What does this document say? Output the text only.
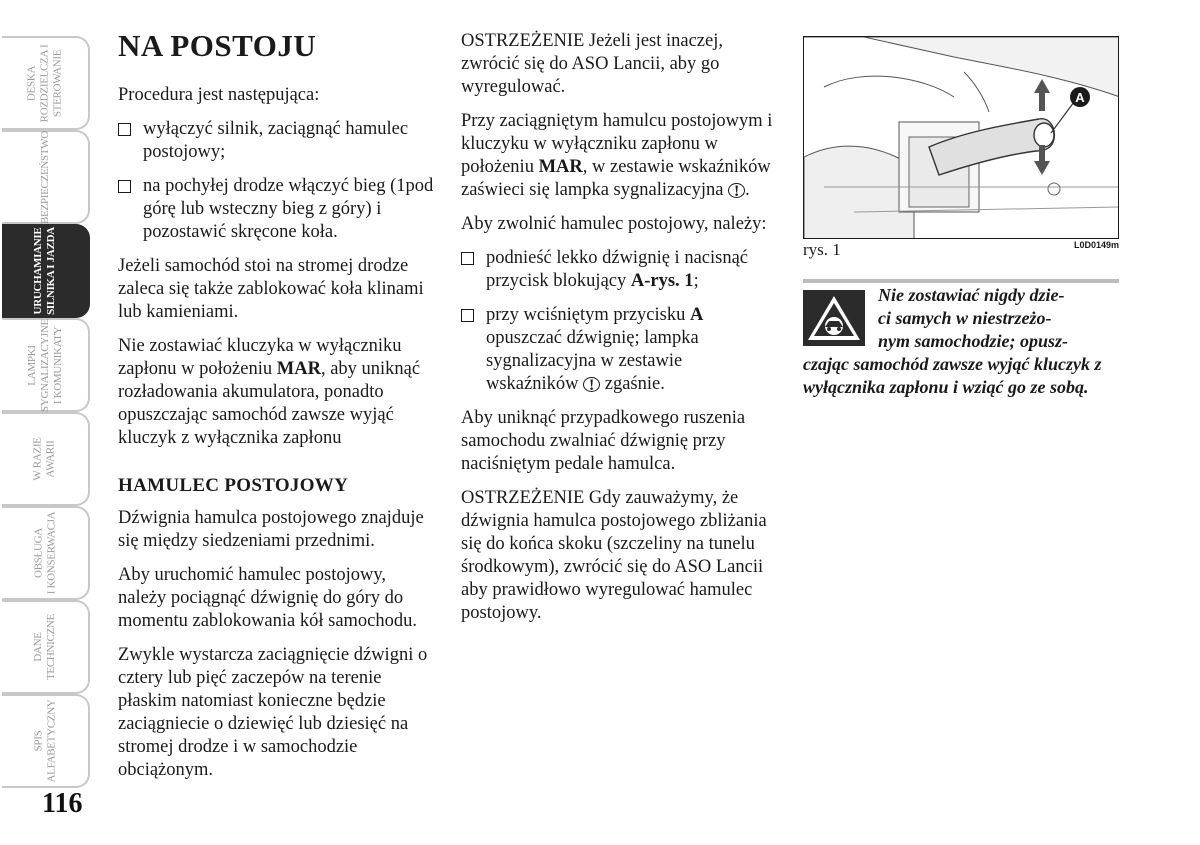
DESKA
ROZDZIELCZA I
STEROWANIE
BEZPIECZEŃSTWO
URUCHAMIANIE
SILNIKA I JAZDA
LAMPKI
SYGNALIZACYJNE
I KOMUNIKATY
W RAZIE
AWARII
OBSŁUGA
I KONSERWACJA
DANE
TECHNICZNE
SPIS
ALFABETYCZNY
116
NA POSTOJU

Procedura jest następująca:

wyłączyć silnik, zaciągnąć hamulec postojowy;
na pochyłej drodze włączyć bieg (1pod górę lub wsteczny bieg z góry) i pozostawić skręcone koła.

Jeżeli samochód stoi na stromej drodze zaleca się także zablokować koła klinami lub kamieniami.

Nie zostawiać kluczyka w wyłączniku zapłonu w położeniu MAR, aby uniknąć rozładowania akumulatora, ponadto opuszczając samochód zawsze wyjąć kluczyk z wyłącznika zapłonu

HAMULEC POSTOJOWY

Dźwignia hamulca postojowego znajduje się między siedzeniami przednimi.

Aby uruchomić hamulec postojowy, należy pociągnąć dźwignię do góry do momentu zablokowania kół samochodu.

Zwykle wystarcza zaciągnięcie dźwigni o cztery lub pięć zaczepów na terenie płaskim natomiast konieczne będzie zaciągniecie o dziewięć lub dziesięć na stromej drodze i w samochodzie obciążonym.

OSTRZEŻENIE Jeżeli jest inaczej, zwrócić się do ASO Lancii, aby go wyregulować.

Przy zaciągniętym hamulcu postojowym i kluczyku w wyłączniku zapłonu w położeniu MAR, w zestawie wskaźników zaświeci się lampka sygnalizacyjna ! .

Aby zwolnić hamulec postojowy, należy:

podnieść lekko dźwignię i nacisnąć przycisk blokujący A-rys. 1;
przy wciśniętym przycisku A opuszczać dźwignię; lampka sygnalizacyjna w zestawie wskaźników ! zgaśnie.

Aby uniknąć przypadkowego ruszenia samochodu zwalniać dźwignię przy naciśniętym pedale hamulca.

OSTRZEŻENIE Gdy zauważymy, że dźwignia hamulca postojowego zbliżania się do końca skoku (szczeliny na tunelu środkowym), zwrócić się do ASO Lancii aby prawidłowo wyregulować hamulec postojowy.

A
rys. 1	L0D0149m
Nie zostawiać nigdy dzie-
ci samych w niestrzeżo-
nym samochodzie; opusz-
czając samochód zawsze wyjąć kluczyk z wyłącznika zapłonu i wziąć go ze sobą.
